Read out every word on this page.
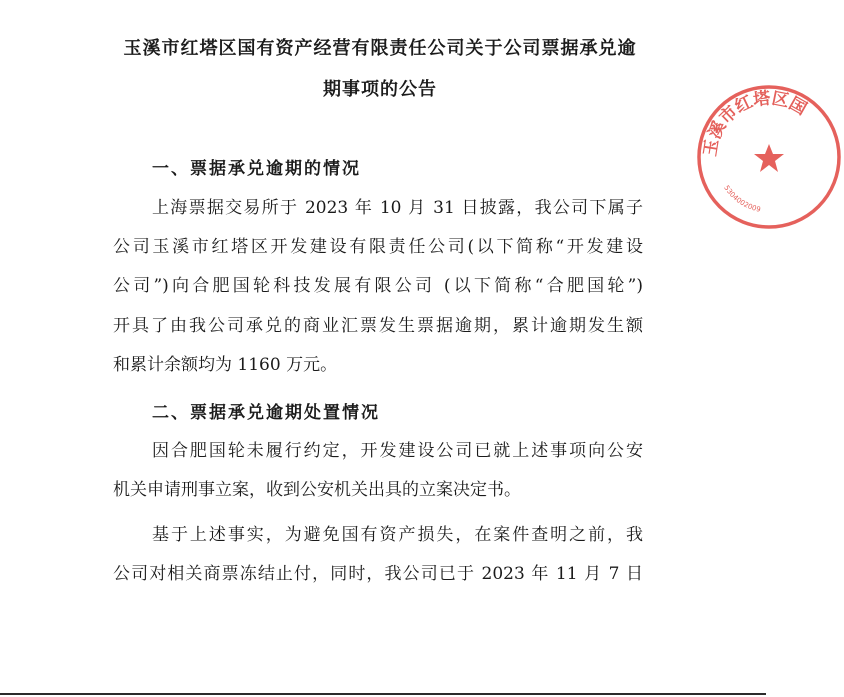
玉溪市红塔区国有资产经营有限责任公司关于公司票据承兑逾
期事项的公告
一、票据承兑逾期的情况
上海票据交易所于 2023 年 10 月 31 日披露，我公司下属子
公司玉溪市红塔区开发建设有限责任公司(以下简称“开发建设
公司”)向合肥国轮科技发展有限公司 (以下简称“合肥国轮”)
开具了由我公司承兑的商业汇票发生票据逾期，累计逾期发生额
和累计余额均为 1160 万元。
二、票据承兑逾期处置情况
因合肥国轮未履行约定，开发建设公司已就上述事项向公安
机关申请刑事立案，收到公安机关出具的立案决定书。
基于上述事实，为避免国有资产损失，在案件查明之前，我
公司对相关商票冻结止付，同时，我公司已于 2023 年 11 月 7 日
玉溪市红塔区国
5304002009
